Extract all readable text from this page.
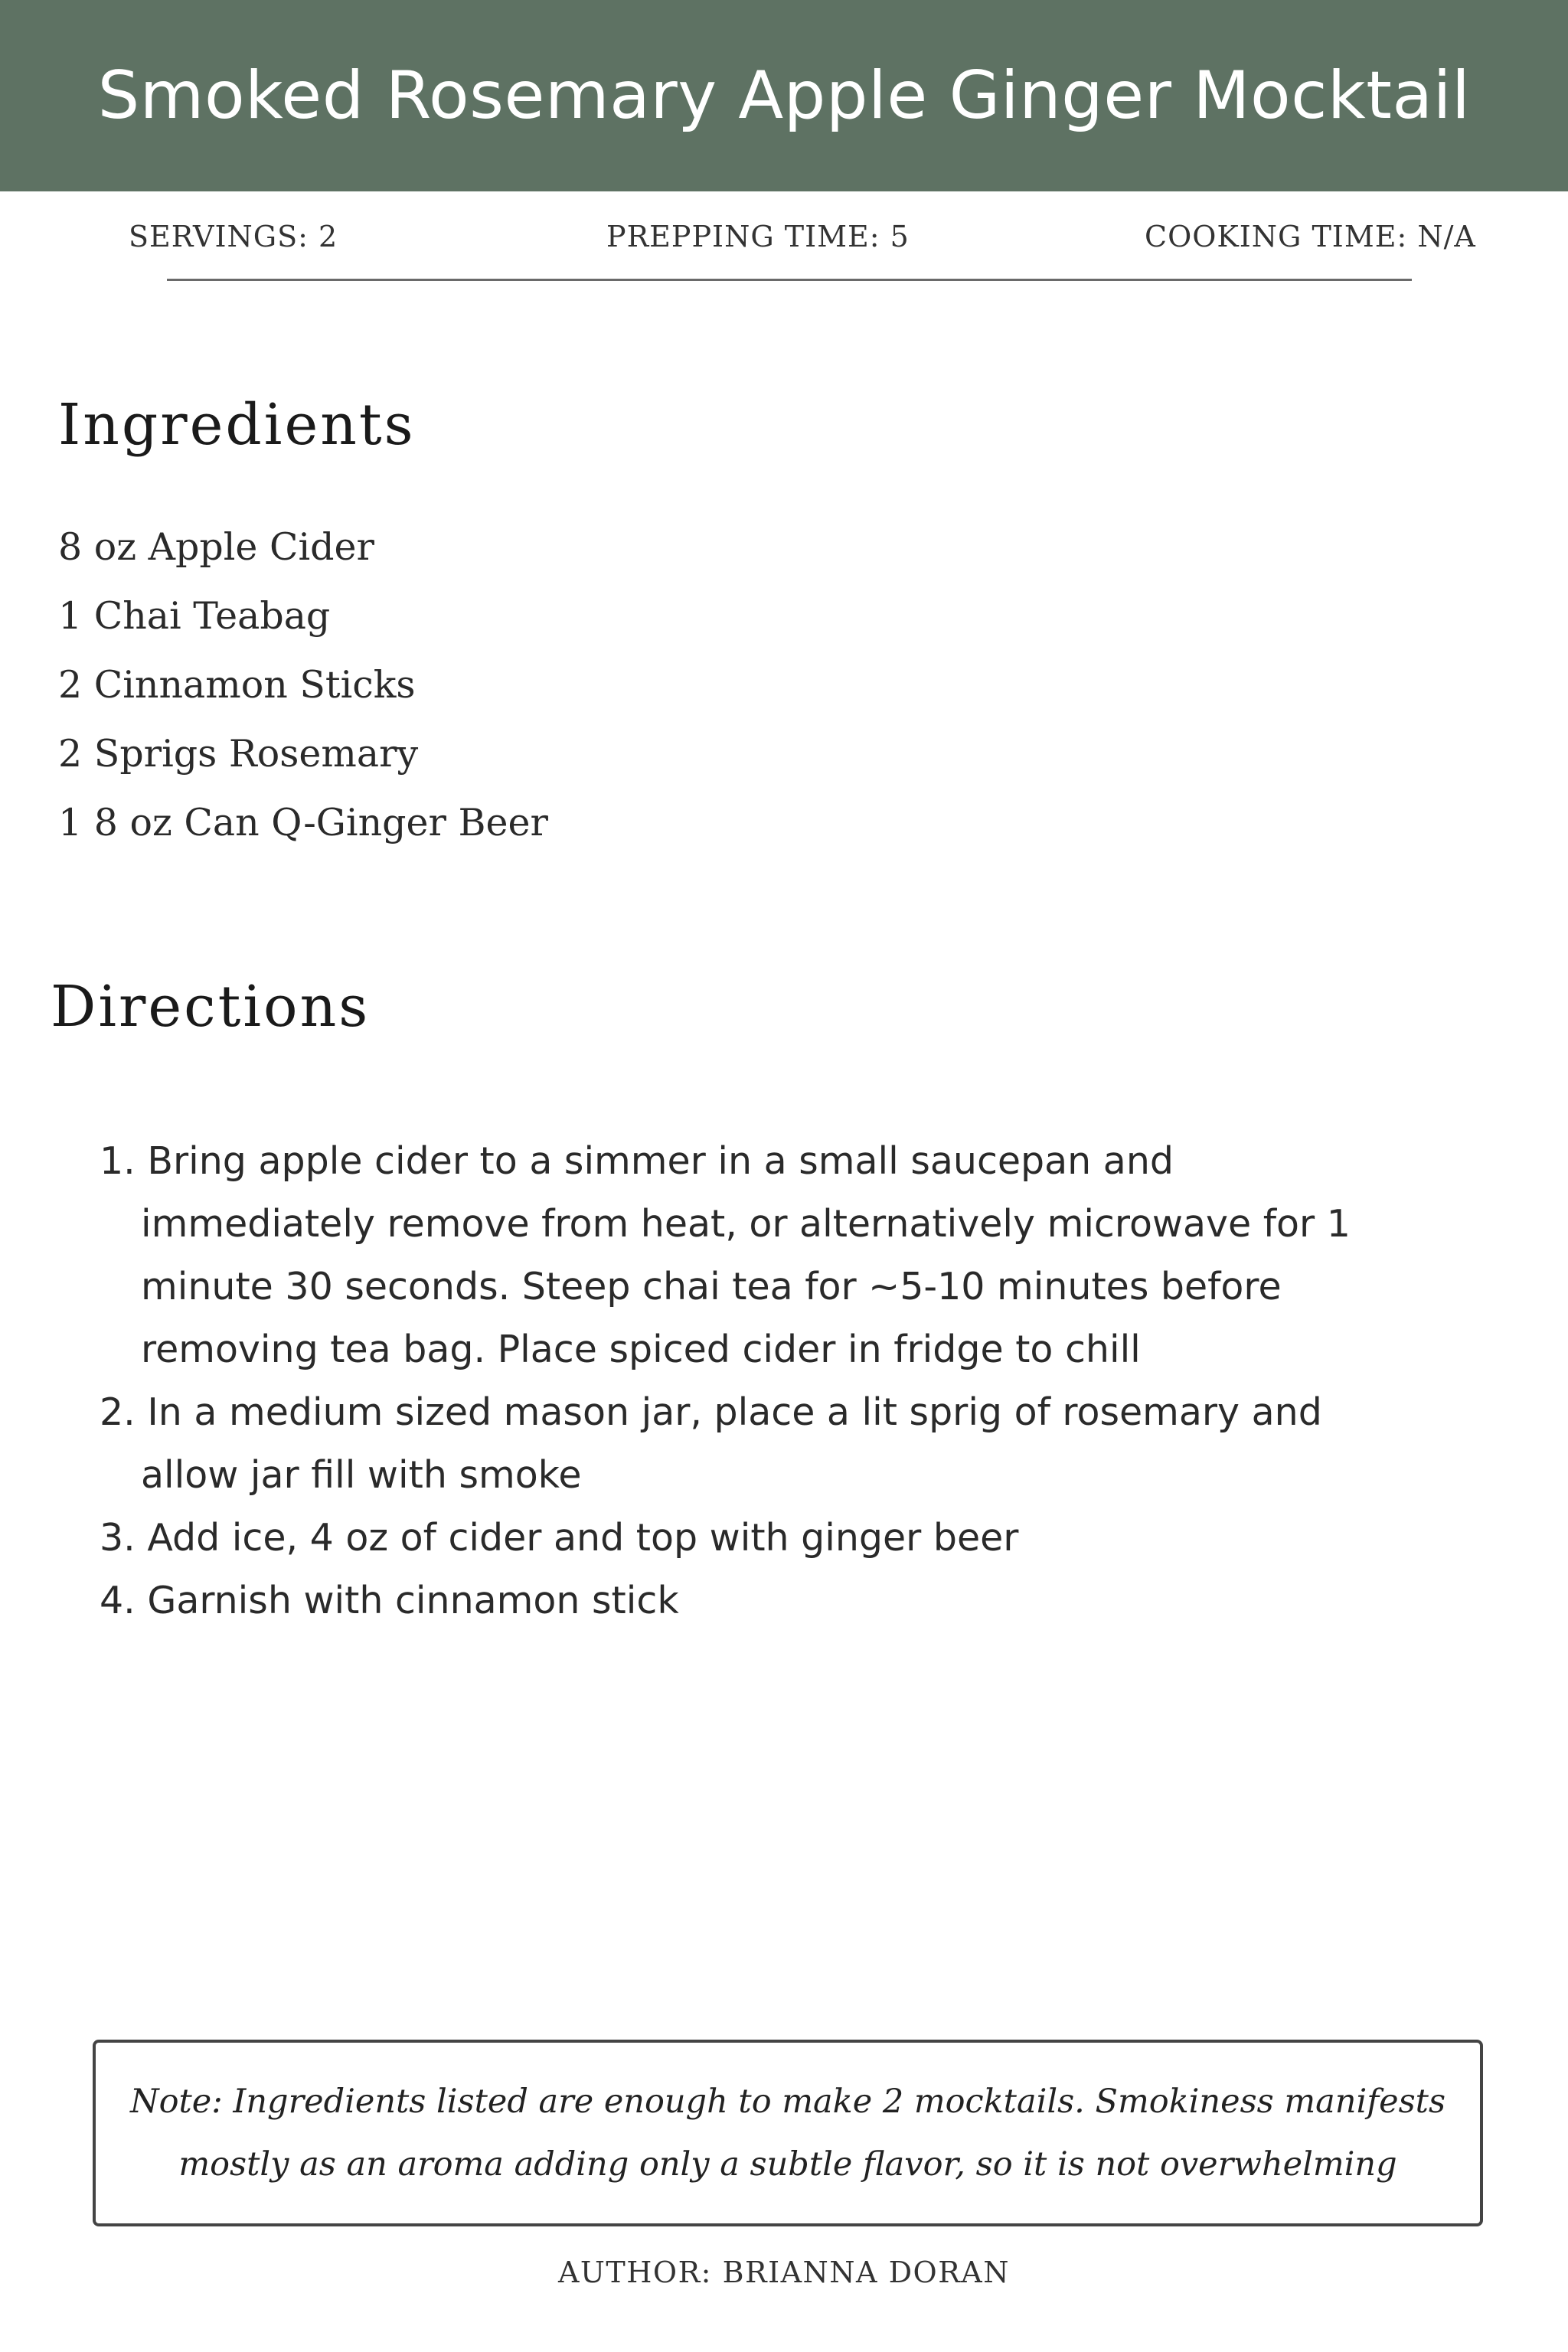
Smoked Rosemary Apple Ginger Mocktail
SERVINGS: 2	PREPPING TIME: 5	COOKING TIME: N/A
Ingredients
8 oz Apple Cider
1 Chai Teabag
2 Cinnamon Sticks
2 Sprigs Rosemary
1 8 oz Can Q-Ginger Beer
Directions
1. Bring apple cider to a simmer in a small saucepan and immediately remove from heat, or alternatively microwave for 1 minute 30 seconds. Steep chai tea for ~5-10 minutes before removing tea bag. Place spiced cider in fridge to chill
2. In a medium sized mason jar, place a lit sprig of rosemary and allow jar fill with smoke
3. Add ice, 4 oz of cider and top with ginger beer
4. Garnish with cinnamon stick
Note: Ingredients listed are enough to make 2 mocktails. Smokiness manifests mostly as an aroma adding only a subtle flavor, so it is not overwhelming
AUTHOR: BRIANNA DORAN
